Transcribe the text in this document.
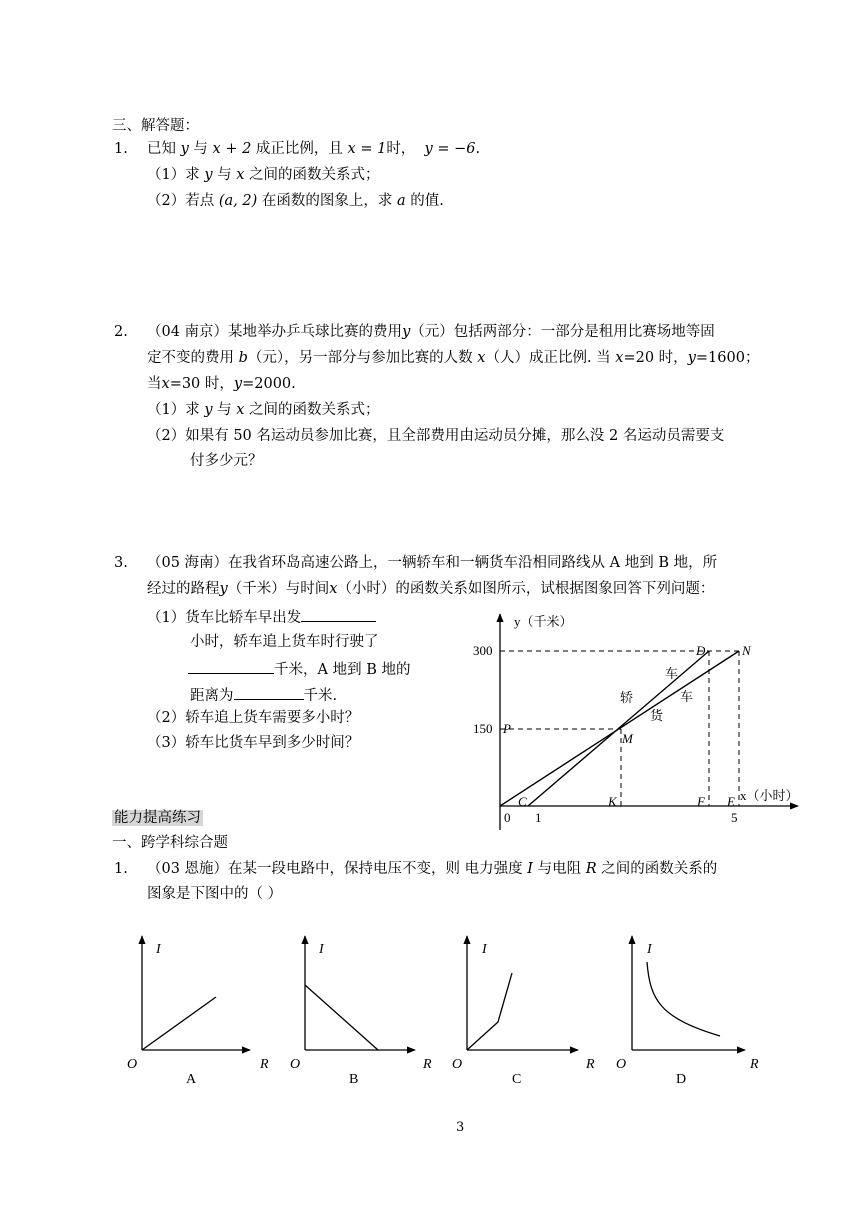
三、解答题：
1. 已知 y 与 x + 2 成正比例，且 x = 1时， y = −6.
（1）求 y 与 x 之间的函数关系式；
（2）若点 (a, 2) 在函数的图象上，求 a 的值.
2. （04 南京）某地举办乒乓球比赛的费用y（元）包括两部分：一部分是租用比赛场地等固
定不变的费用 b（元），另一部分与参加比赛的人数 x（人）成正比例. 当 x=20 时，y=1600；
当x=30 时，y=2000.
（1）求 y 与 x 之间的函数关系式；
（2）如果有 50 名运动员参加比赛，且全部费用由运动员分摊，那么没 2 名运动员需要支
付多少元？
3. （05 海南）在我省环岛高速公路上，一辆轿车和一辆货车沿相同路线从 A 地到 B 地，所
经过的路程y（千米）与时间x（小时）的函数关系如图所示，试根据图象回答下列问题：
（1）货车比轿车早出发
小时，轿车追上货车时行驶了
千米，A 地到 B 地的
距离为	千米.
（2）轿车追上货车需要多小时？
（3）轿车比货车早到多少时间？
y（千米）
x（小时）
300
150
0 1	5
D	N
P
M
C	K	F E
车
车
轿
货
能力提高练习
一、跨学科综合题
1. （03 恩施）在某一段电路中，保持电压不变，则 电力强度 I 与电阻 R 之间的函数关系的
图象是下图中的（ ）
I
R
O
A
I
R
O
B
I
R
O
C
I
R
O
D
3
